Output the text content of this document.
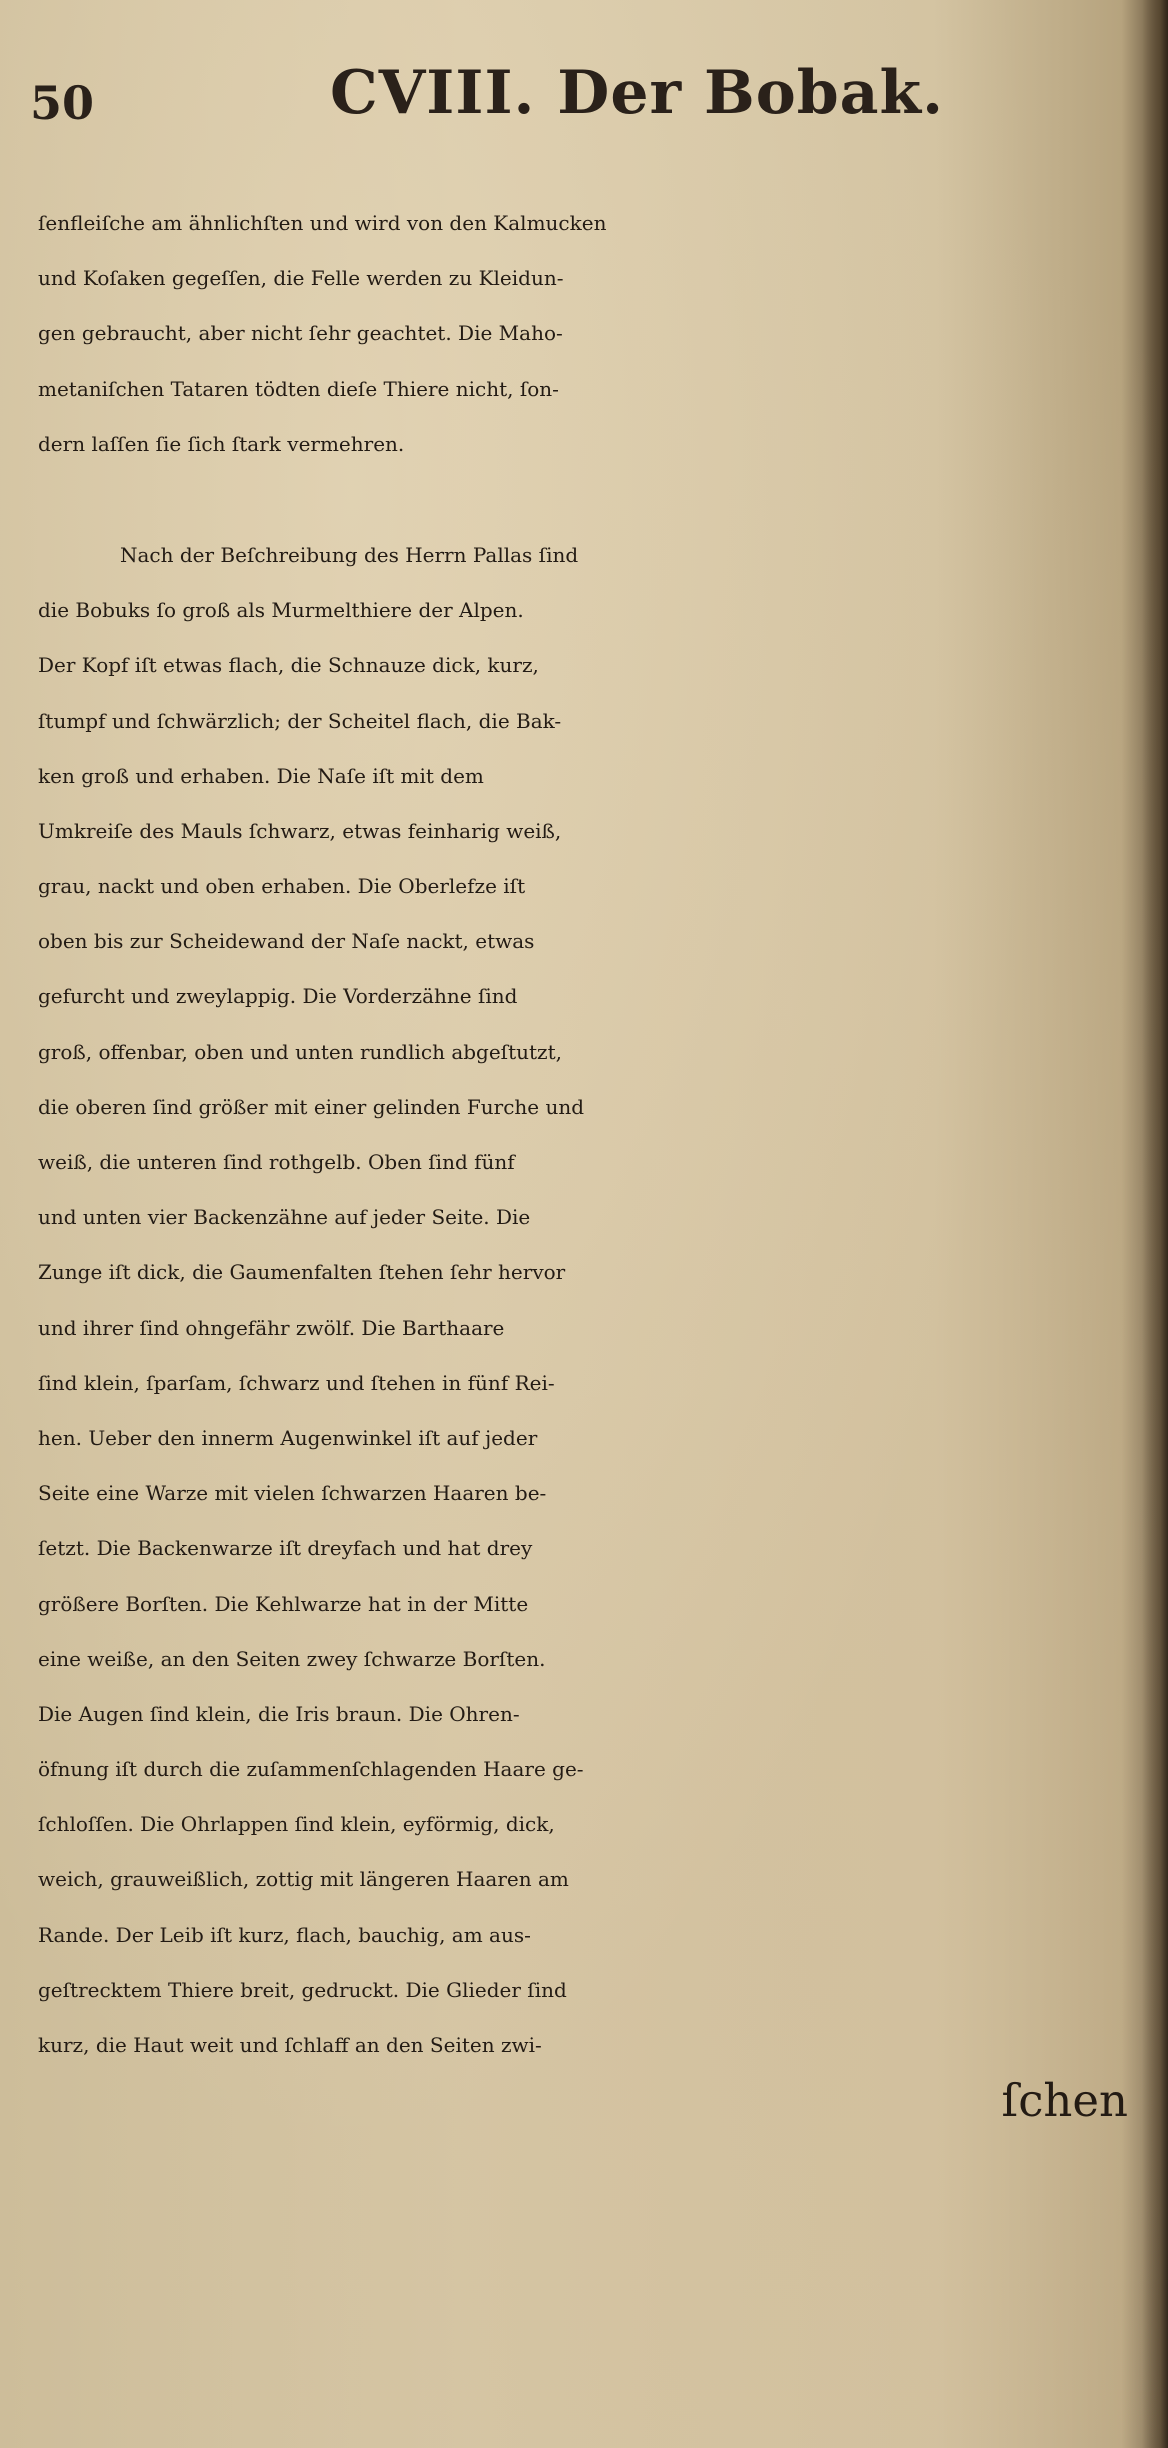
50	CVIII. Der Bobak.
ſenfleiſche am ähnlichſten und wird von den Kalmucken
und Koſaken gegeſſen, die Felle werden zu Kleidun-
gen gebraucht, aber nicht ſehr geachtet. Die Maho-
metaniſchen Tataren tödten dieſe Thiere nicht, ſon-
dern laſſen ſie ſich ſtark vermehren.
Nach der Beſchreibung des Herrn Pallas ſind
die Bobuks ſo groß als Murmelthiere der Alpen.
Der Kopf iſt etwas flach, die Schnauze dick, kurz,
ſtumpf und ſchwärzlich; der Scheitel flach, die Bak-
ken groß und erhaben. Die Naſe iſt mit dem
Umkreiſe des Mauls ſchwarz, etwas feinharig weiß,
grau, nackt und oben erhaben. Die Oberlefze iſt
oben bis zur Scheidewand der Naſe nackt, etwas
gefurcht und zweylappig. Die Vorderzähne ſind
groß, offenbar, oben und unten rundlich abgeſtutzt,
die oberen ſind größer mit einer gelinden Furche und
weiß, die unteren ſind rothgelb. Oben ſind fünf
und unten vier Backenzähne auf jeder Seite. Die
Zunge iſt dick, die Gaumenfalten ſtehen ſehr hervor
und ihrer ſind ohngefähr zwölf. Die Barthaare
ſind klein, ſparſam, ſchwarz und ſtehen in fünf Rei-
hen. Ueber den innerm Augenwinkel iſt auf jeder
Seite eine Warze mit vielen ſchwarzen Haaren be-
ſetzt. Die Backenwarze iſt dreyfach und hat drey
größere Borſten. Die Kehlwarze hat in der Mitte
eine weiße, an den Seiten zwey ſchwarze Borſten.
Die Augen ſind klein, die Iris braun. Die Ohren-
öfnung iſt durch die zuſammenſchlagenden Haare ge-
ſchloſſen. Die Ohrlappen ſind klein, eyförmig, dick,
weich, grauweißlich, zottig mit längeren Haaren am
Rande. Der Leib iſt kurz, flach, bauchig, am aus-
geſtrecktem Thiere breit, gedruckt. Die Glieder ſind
kurz, die Haut weit und ſchlaff an den Seiten zwi-
ſchen
